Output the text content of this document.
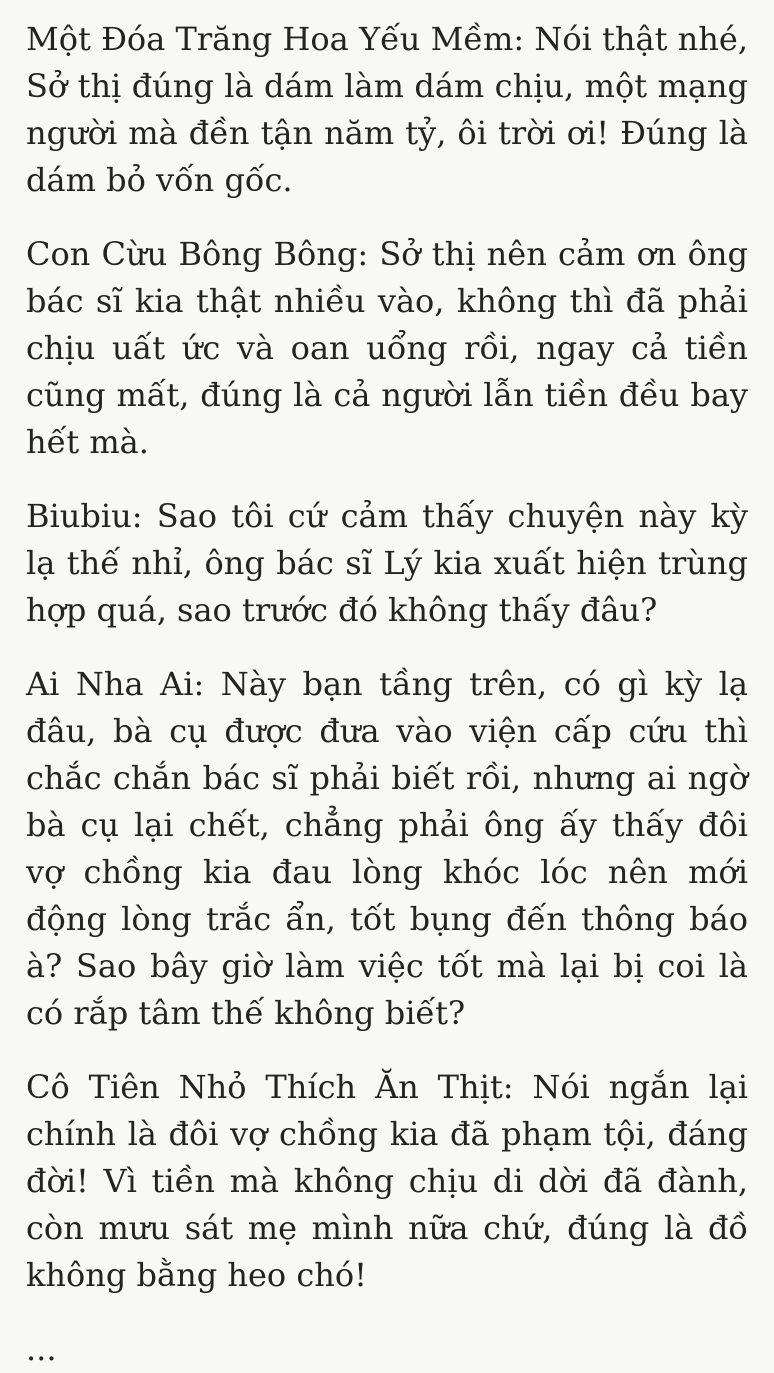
Một Đóa Trăng Hoa Yếu Mềm: Nói thật nhé, Sở thị đúng là dám làm dám chịu, một mạng người mà đền tận năm tỷ, ôi trời ơi! Đúng là dám bỏ vốn gốc.

Con Cừu Bông Bông: Sở thị nên cảm ơn ông bác sĩ kia thật nhiều vào, không thì đã phải chịu uất ức và oan uổng rồi, ngay cả tiền cũng mất, đúng là cả người lẫn tiền đều bay hết mà.

Biubiu: Sao tôi cứ cảm thấy chuyện này kỳ lạ thế nhỉ, ông bác sĩ Lý kia xuất hiện trùng hợp quá, sao trước đó không thấy đâu?

Ai Nha Ai: Này bạn tầng trên, có gì kỳ lạ đâu, bà cụ được đưa vào viện cấp cứu thì chắc chắn bác sĩ phải biết rồi, nhưng ai ngờ bà cụ lại chết, chẳng phải ông ấy thấy đôi vợ chồng kia đau lòng khóc lóc nên mới động lòng trắc ẩn, tốt bụng đến thông báo à? Sao bây giờ làm việc tốt mà lại bị coi là có rắp tâm thế không biết?

Cô Tiên Nhỏ Thích Ăn Thịt: Nói ngắn lại chính là đôi vợ chồng kia đã phạm tội, đáng đời! Vì tiền mà không chịu di dời đã đành, còn mưu sát mẹ mình nữa chứ, đúng là đồ không bằng heo chó!

...
